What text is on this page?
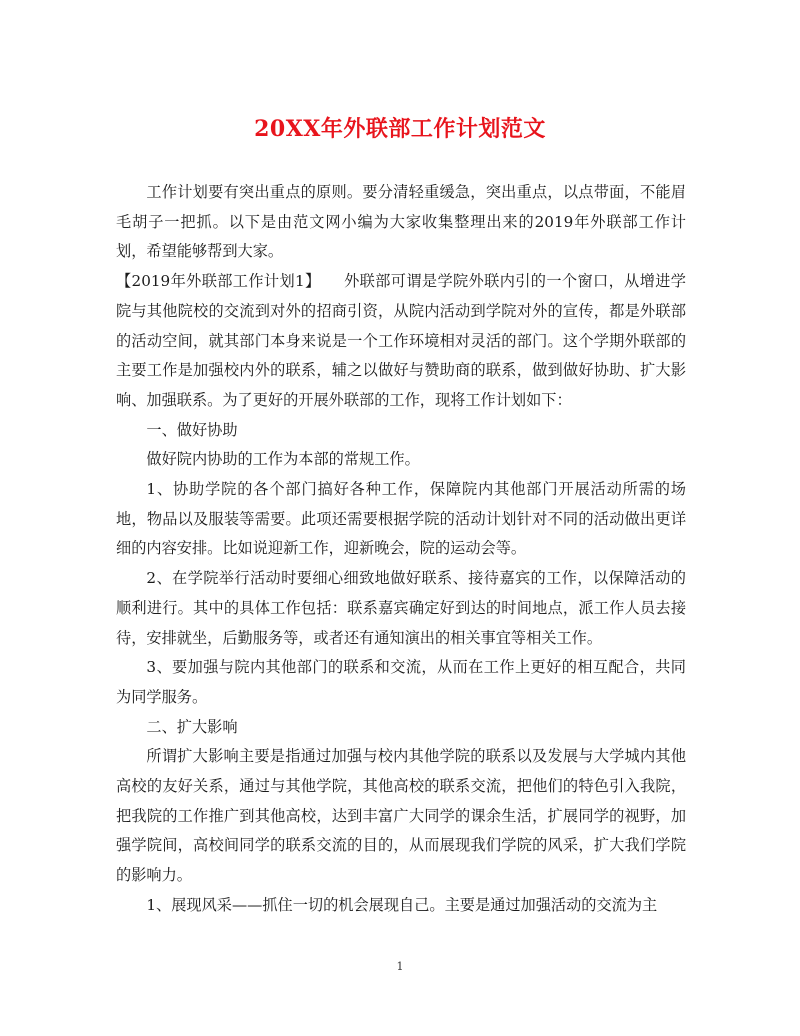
20XX年外联部工作计划范文

工作计划要有突出重点的原则。要分清轻重缓急，突出重点，以点带面，不能眉毛胡子一把抓。以下是由范文网小编为大家收集整理出来的2019年外联部工作计划，希望能够帮到大家。

【2019年外联部工作计划1】　　外联部可谓是学院外联内引的一个窗口，从增进学院与其他院校的交流到对外的招商引资，从院内活动到学院对外的宣传，都是外联部的活动空间，就其部门本身来说是一个工作环境相对灵活的部门。这个学期外联部的主要工作是加强校内外的联系，辅之以做好与赞助商的联系，做到做好协助、扩大影响、加强联系。为了更好的开展外联部的工作，现将工作计划如下：

一、做好协助

做好院内协助的工作为本部的常规工作。

1、协助学院的各个部门搞好各种工作，保障院内其他部门开展活动所需的场地，物品以及服装等需要。此项还需要根据学院的活动计划针对不同的活动做出更详细的内容安排。比如说迎新工作，迎新晚会，院的运动会等。

2、在学院举行活动时要细心细致地做好联系、接待嘉宾的工作，以保障活动的顺利进行。其中的具体工作包括：联系嘉宾确定好到达的时间地点，派工作人员去接待，安排就坐，后勤服务等，或者还有通知演出的相关事宜等相关工作。

3、要加强与院内其他部门的联系和交流，从而在工作上更好的相互配合，共同为同学服务。

二、扩大影响

所谓扩大影响主要是指通过加强与校内其他学院的联系以及发展与大学城内其他高校的友好关系，通过与其他学院，其他高校的联系交流，把他们的特色引入我院，把我院的工作推广到其他高校，达到丰富广大同学的课余生活，扩展同学的视野，加强学院间，高校间同学的联系交流的目的，从而展现我们学院的风采，扩大我们学院的影响力。

1、展现风采——抓住一切的机会展现自己。主要是通过加强活动的交流为主

1
